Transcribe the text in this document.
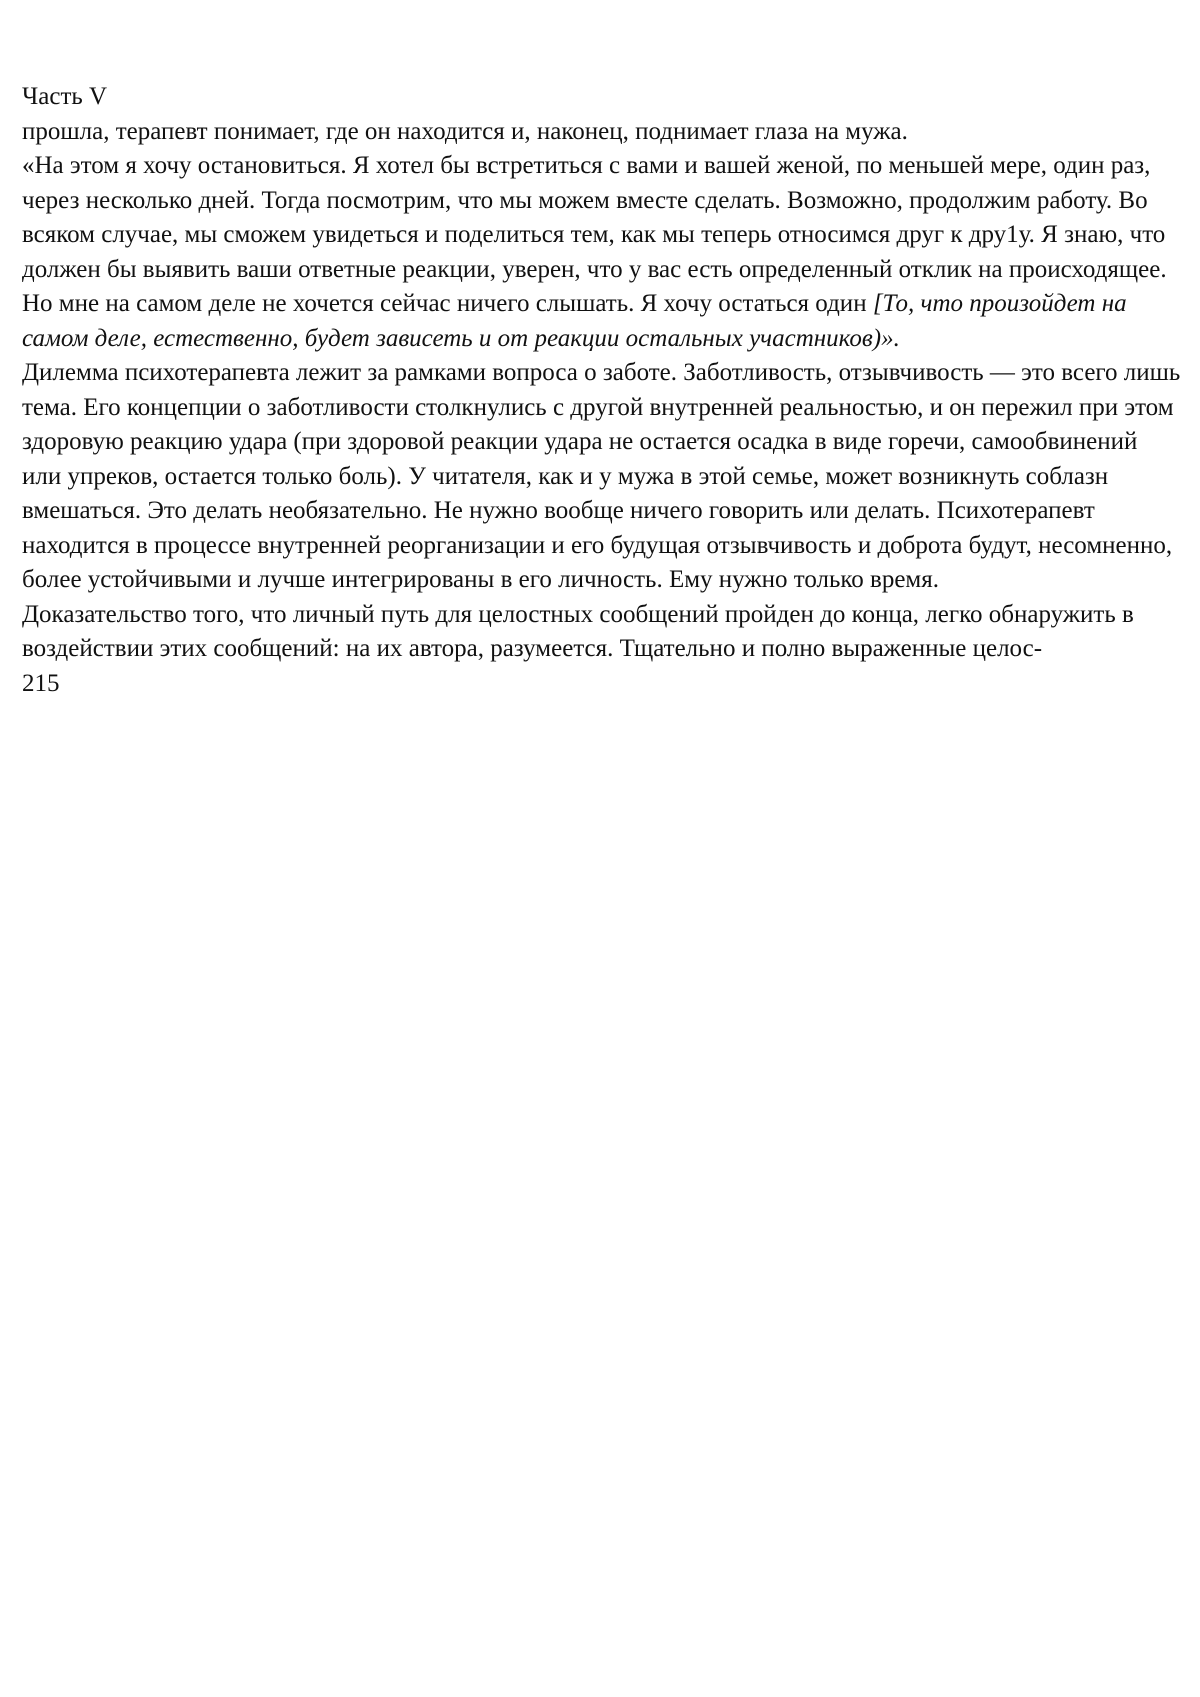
Часть V

прошла, терапевт понимает, где он находится и, наконец, поднимает глаза на мужа.

«На этом я хочу остановиться. Я хотел бы встретиться с вами и вашей женой, по меньшей мере, один раз, через несколько дней. Тогда посмотрим, что мы можем вместе сделать. Возможно, продолжим работу. Во всяком случае, мы сможем увидеться и поделиться тем, как мы теперь относимся друг к дру1у. Я знаю, что должен бы выявить ваши ответные реакции, уверен, что у вас есть определенный отклик на происходящее. Но мне на самом деле не хочется сейчас ничего слышать. Я хочу остаться один [То, что произойдет на самом деле, естественно, будет зависеть и от реакции остальных участников)».

Дилемма психотерапевта лежит за рамками вопроса о заботе. Заботливость, отзывчивость — это всего лишь тема. Его концепции о заботливости столкнулись с другой внутренней реальностью, и он пережил при этом здоровую реакцию удара (при здоровой реакции удара не остается осадка в виде горечи, самообвинений или упреков, остается только боль). У читателя, как и у мужа в этой семье, может возникнуть соблазн вмешаться. Это делать необязательно. Не нужно вообще ничего говорить или делать. Психотерапевт находится в процессе внутренней реорганизации и его будущая отзывчивость и доброта будут, несомненно, более устойчивыми и лучше интегрированы в его личность. Ему нужно только время.

Доказательство того, что личный путь для целостных сообщений пройден до конца, легко обнаружить в воздействии этих сообщений: на их автора, разумеется. Тщательно и полно выраженные целос-

215
